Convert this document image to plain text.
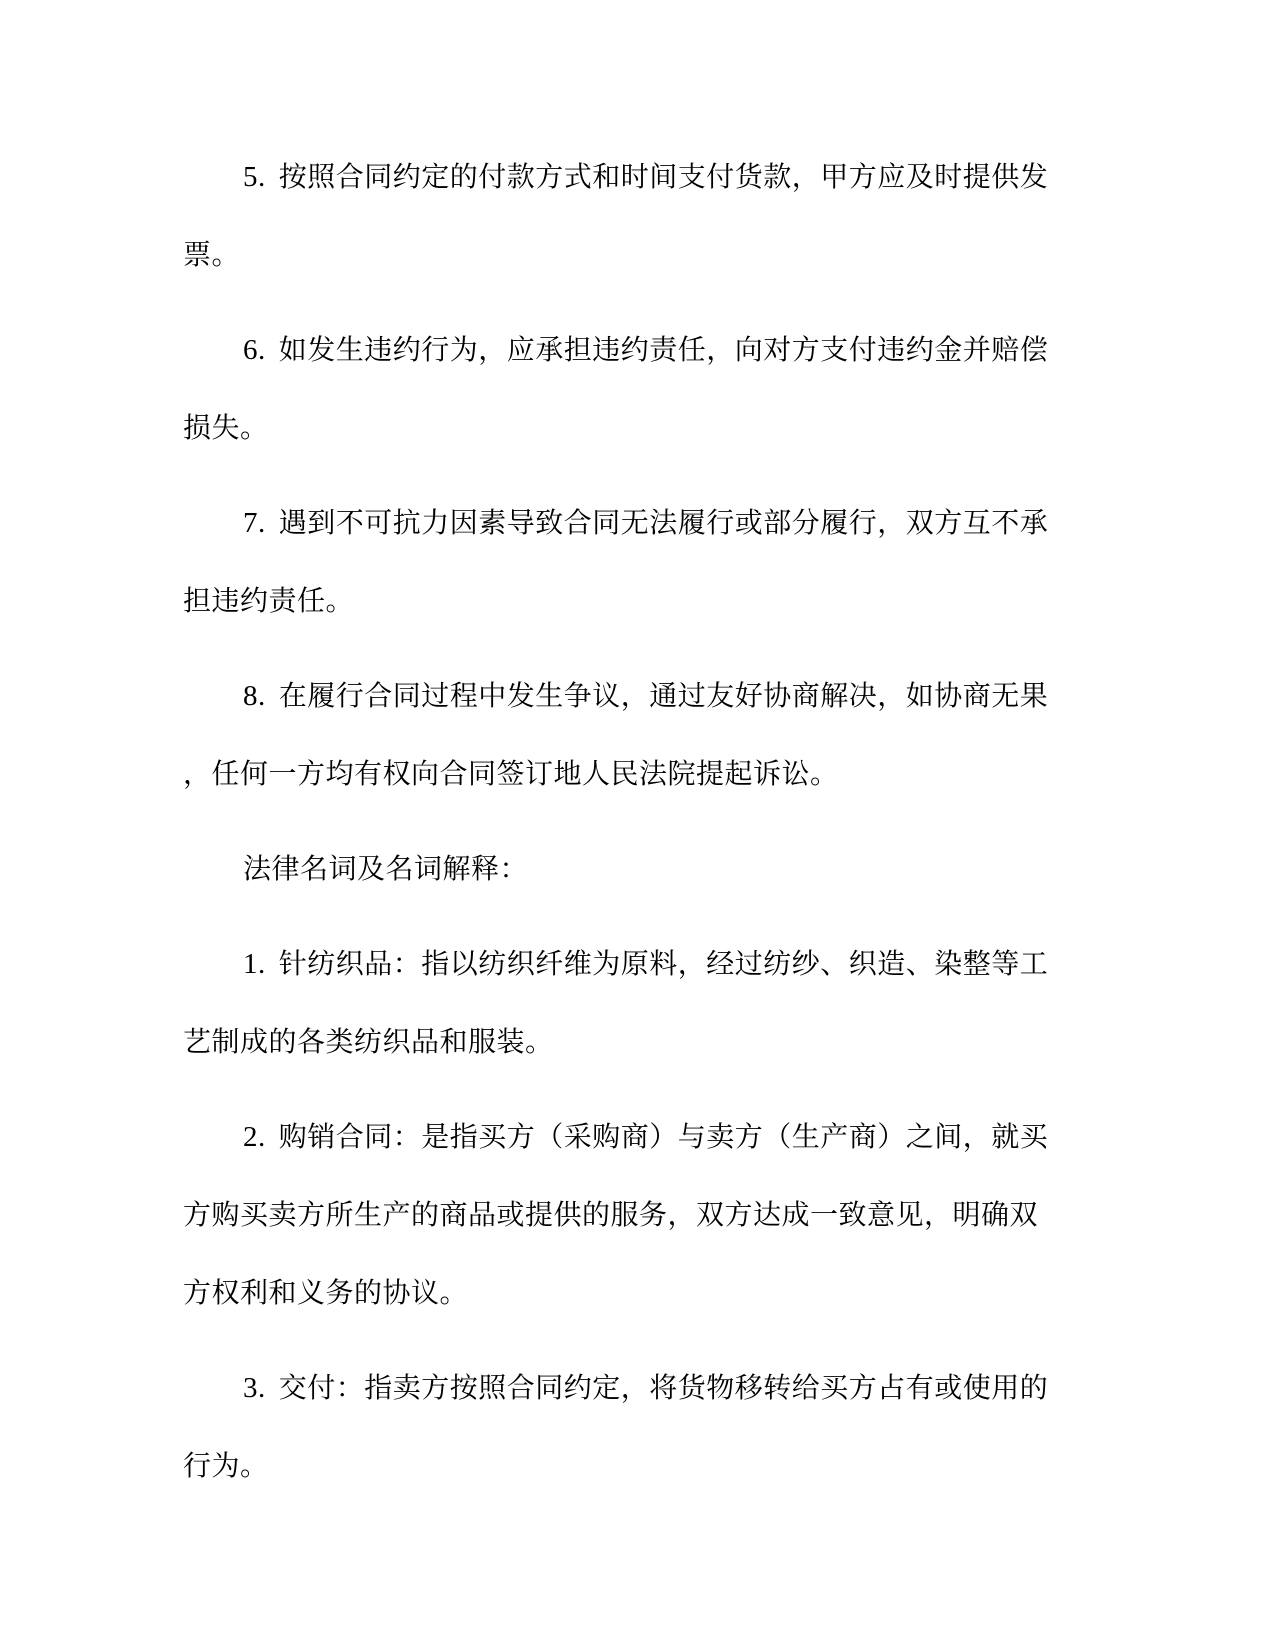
5. 按照合同约定的付款方式和时间支付货款，甲方应及时提供发
票。
6. 如发生违约行为，应承担违约责任，向对方支付违约金并赔偿
损失。
7. 遇到不可抗力因素导致合同无法履行或部分履行，双方互不承
担违约责任。
8. 在履行合同过程中发生争议，通过友好协商解决，如协商无果
，任何一方均有权向合同签订地人民法院提起诉讼。
法律名词及名词解释：
1. 针纺织品：指以纺织纤维为原料，经过纺纱、织造、染整等工
艺制成的各类纺织品和服装。
2. 购销合同：是指买方（采购商）与卖方（生产商）之间，就买
方购买卖方所生产的商品或提供的服务，双方达成一致意见，明确双
方权利和义务的协议。
3. 交付：指卖方按照合同约定，将货物移转给买方占有或使用的
行为。
